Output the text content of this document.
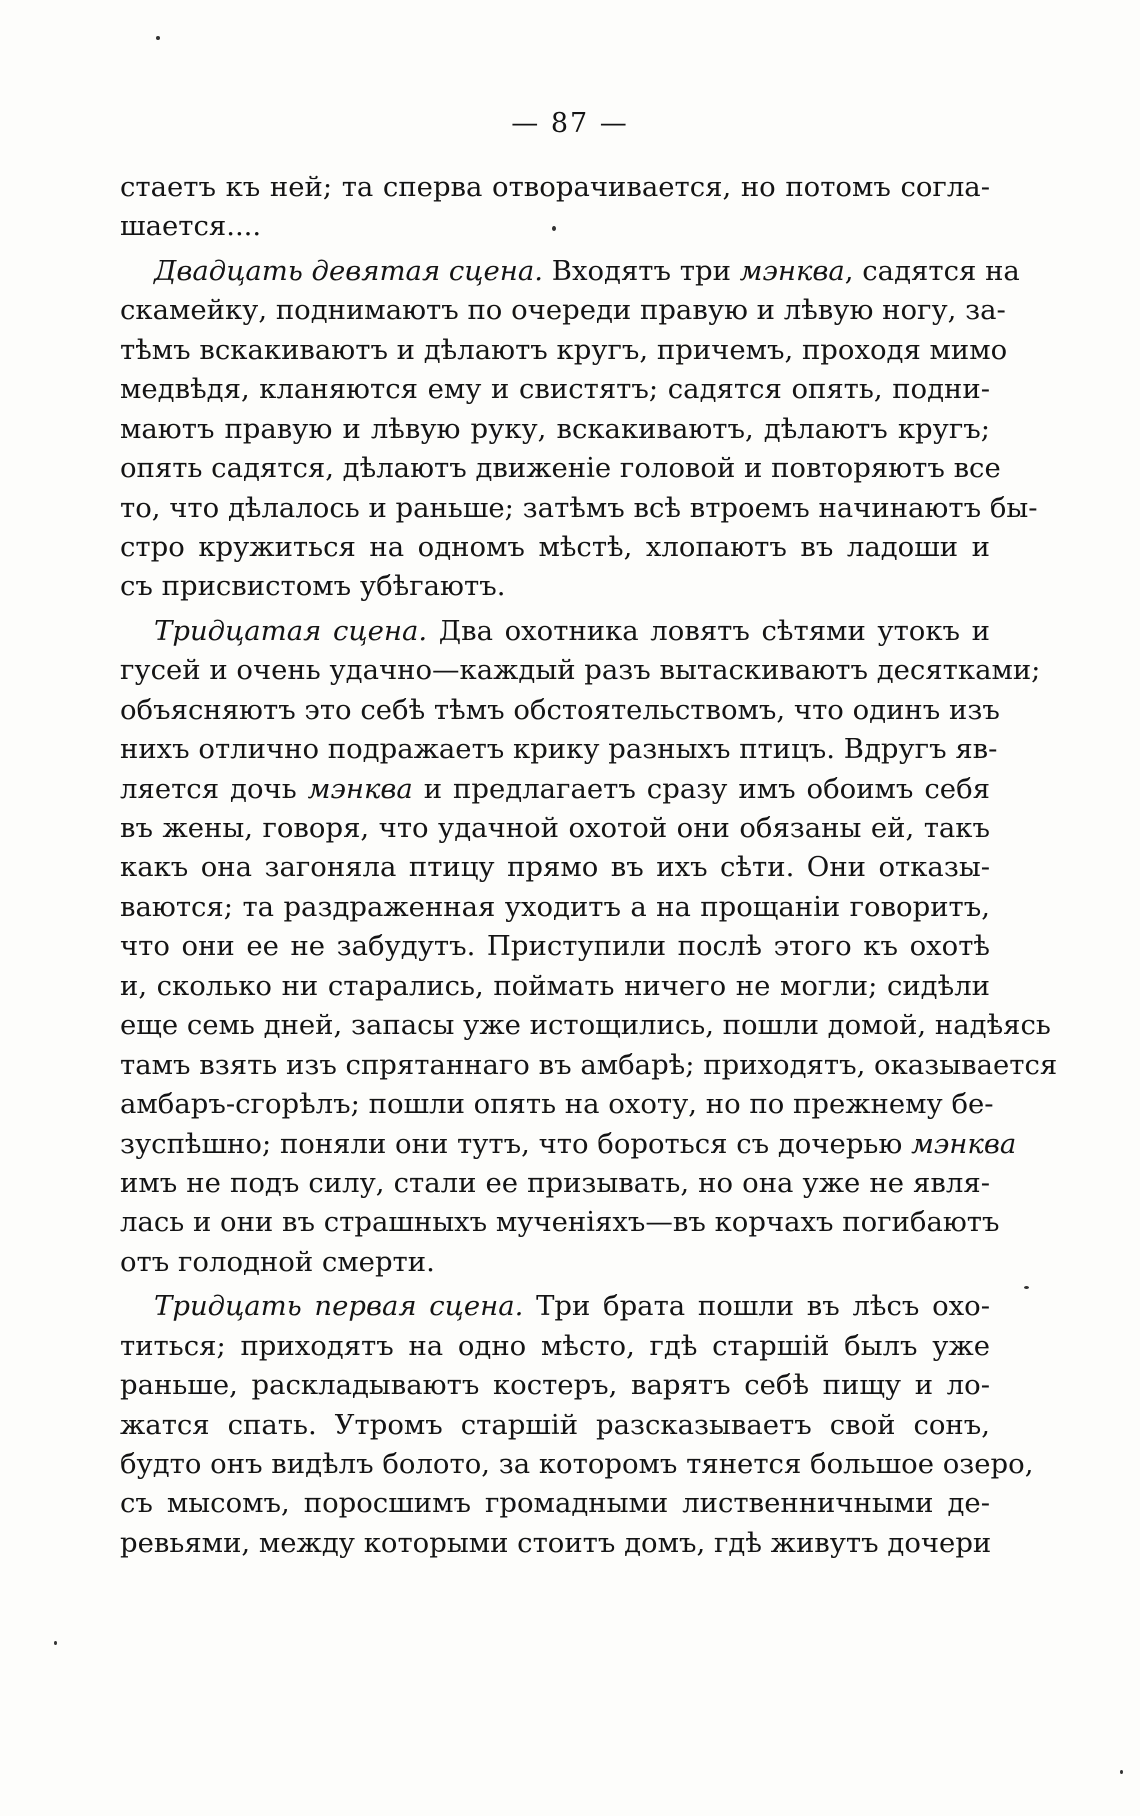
— 87 —
стаетъ къ ней; та сперва отворачивается, но потомъ согла-
шается....
Двадцать девятая сцена. Входятъ три мэнква, садятся на
скамейку, поднимаютъ по очереди правую и лѣвую ногу, за-
тѣмъ вскакиваютъ и дѣлаютъ кругъ, причемъ, проходя мимо
медвѣдя, кланяются ему и свистятъ; садятся опять, подни-
маютъ правую и лѣвую руку, вскакиваютъ, дѣлаютъ кругъ;
опять садятся, дѣлаютъ движеніе головой и повторяютъ все
то, что дѣлалось и раньше; затѣмъ всѣ втроемъ начинаютъ бы-
стро кружиться на одномъ мѣстѣ, хлопаютъ въ ладоши и
съ присвистомъ убѣгаютъ.
Тридцатая сцена. Два охотника ловятъ сѣтями утокъ и
гусей и очень удачно—каждый разъ вытаскиваютъ десятками;
объясняютъ это себѣ тѣмъ обстоятельствомъ, что одинъ изъ
нихъ отлично подражаетъ крику разныхъ птицъ. Вдругъ яв-
ляется дочь мэнква и предлагаетъ сразу имъ обоимъ себя
въ жены, говоря, что удачной охотой они обязаны ей, такъ
какъ она загоняла птицу прямо въ ихъ сѣти. Они отказы-
ваются; та раздраженная уходитъ а на прощаніи говоритъ,
что они ее не забудутъ. Приступили послѣ этого къ охотѣ
и, сколько ни старались, поймать ничего не могли; сидѣли
еще семь дней, запасы уже истощились, пошли домой, надѣясь
тамъ взять изъ спрятаннаго въ амбарѣ; приходятъ, оказывается
амбаръ-сгорѣлъ; пошли опять на охоту, но по прежнему бе-
зуспѣшно; поняли они тутъ, что бороться съ дочерью мэнква
имъ не подъ силу, стали ее призывать, но она уже не явля-
лась и они въ страшныхъ мученіяхъ—въ корчахъ погибаютъ
отъ голодной смерти.
Тридцать первая сцена. Три брата пошли въ лѣсъ охо-
титься; приходятъ на одно мѣсто, гдѣ старшій былъ уже
раньше, раскладываютъ костеръ, варятъ себѣ пищу и ло-
жатся спать. Утромъ старшій разсказываетъ свой сонъ,
будто онъ видѣлъ болото, за которомъ тянется большое озеро,
съ мысомъ, поросшимъ громадными лиственничными де-
ревьями, между которыми стоитъ домъ, гдѣ живутъ дочери
